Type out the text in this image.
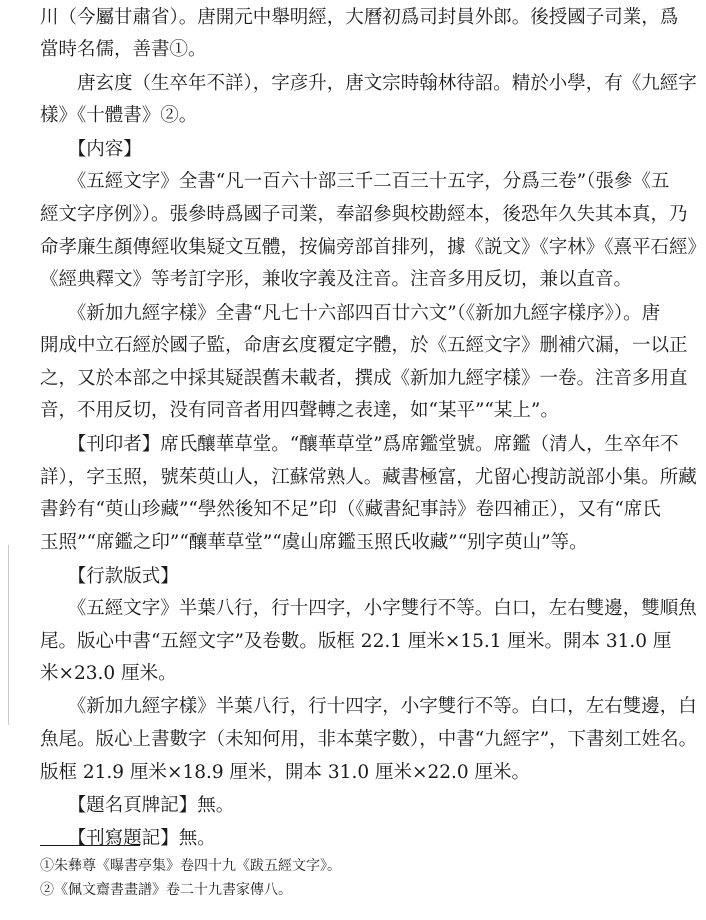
川（今屬甘肅省）。唐開元中舉明經，大曆初爲司封員外郎。後授國子司業，爲
當時名儒，善書①。
　　唐玄度（生卒年不詳），字彦升，唐文宗時翰林待詔。精於小學，有《九經字
樣》《十體書》②。
　　【内容】
　　《五經文字》全書“凡一百六十部三千二百三十五字，分爲三卷”（張參《五
經文字序例》）。張參時爲國子司業，奉詔參與校勘經本，後恐年久失其本真，乃
命孝廉生顏傳經收集疑文互體，按偏旁部首排列，據《説文》《字林》《熹平石經》
《經典釋文》等考訂字形，兼收字義及注音。注音多用反切，兼以直音。
　　《新加九經字樣》全書“凡七十六部四百廿六文”（《新加九經字樣序》）。唐
開成中立石經於國子監，命唐玄度覆定字體，於《五經文字》删補穴漏，一以正
之，又於本部之中採其疑誤舊未載者，撰成《新加九經字樣》一卷。注音多用直
音，不用反切，没有同音者用四聲轉之表達，如“某平”“某上”。
　　【刊印者】席氏釀華草堂。“釀華草堂”爲席鑑堂號。席鑑（清人，生卒年不
詳），字玉照，號茱萸山人，江蘇常熟人。藏書極富，尤留心搜訪説部小集。所藏
書鈐有“萸山珍藏”“學然後知不足”印（《藏書紀事詩》卷四補正），又有“席氏
玉照”“席鑑之印”“釀華草堂”“虞山席鑑玉照氏收藏”“别字萸山”等。
　　【行款版式】
　　《五經文字》半葉八行，行十四字，小字雙行不等。白口，左右雙邊，雙順魚
尾。版心中書“五經文字”及卷數。版框 22.1 厘米×15.1 厘米。開本 31.0 厘
米×23.0 厘米。
　　《新加九經字樣》半葉八行，行十四字，小字雙行不等。白口，左右雙邊，白
魚尾。版心上書數字（未知何用，非本葉字數），中書“九經字”，下書刻工姓名。
版框 21.9 厘米×18.9 厘米，開本 31.0 厘米×22.0 厘米。
　　【題名頁牌記】無。
　　【刊寫題記】無。
①朱彝尊《曝書亭集》卷四十九《跋五經文字》。
②《佩文齋書畫譜》卷二十九書家傳八。
